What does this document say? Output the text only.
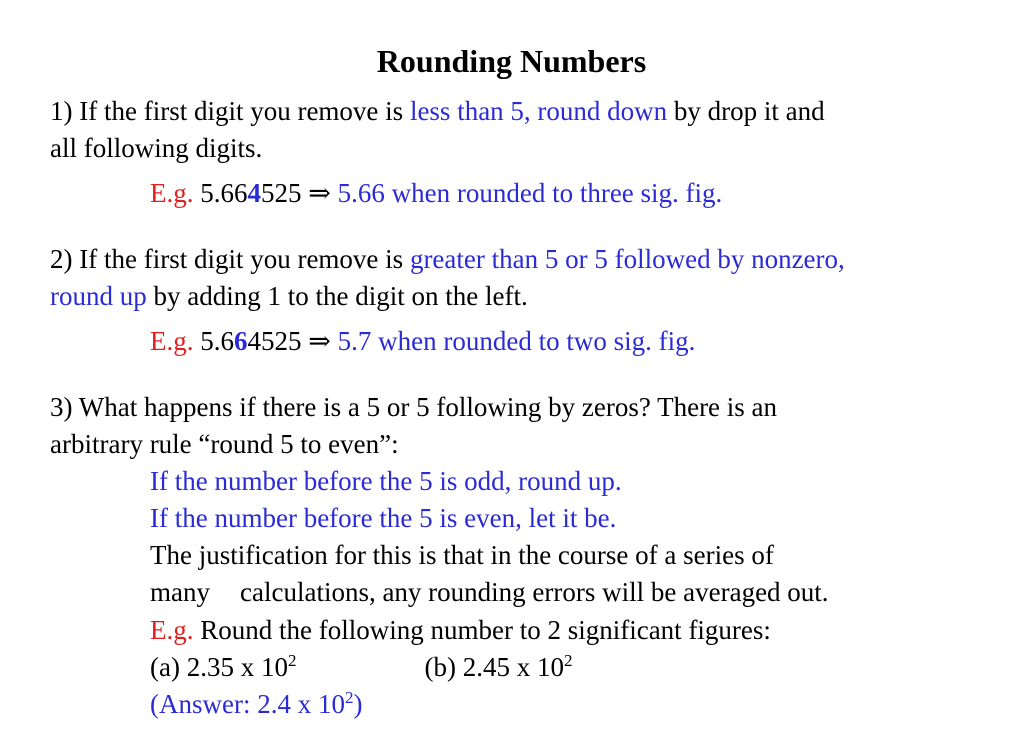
Rounding Numbers
1) If the first digit you remove is less than 5, round down by drop it and
all following digits.
E.g. 5.664525 ⇒ 5.66 when rounded to three sig. fig.
2) If the first digit you remove is greater than 5 or 5 followed by nonzero,
round up by adding 1 to the digit on the left.
E.g. 5.664525 ⇒ 5.7 when rounded to two sig. fig.
3) What happens if there is a 5 or 5 following by zeros? There is an
arbitrary rule “round 5 to even”:
If the number before the 5 is odd, round up.
If the number before the 5 is even, let it be.
The justification for this is that in the course of a series of
many calculations, any rounding errors will be averaged out.
E.g. Round the following number to 2 significant figures:
(a) 2.35 x $10^2$	(b) 2.45 x $10^2$
(Answer: 2.4 x $10^2$)
